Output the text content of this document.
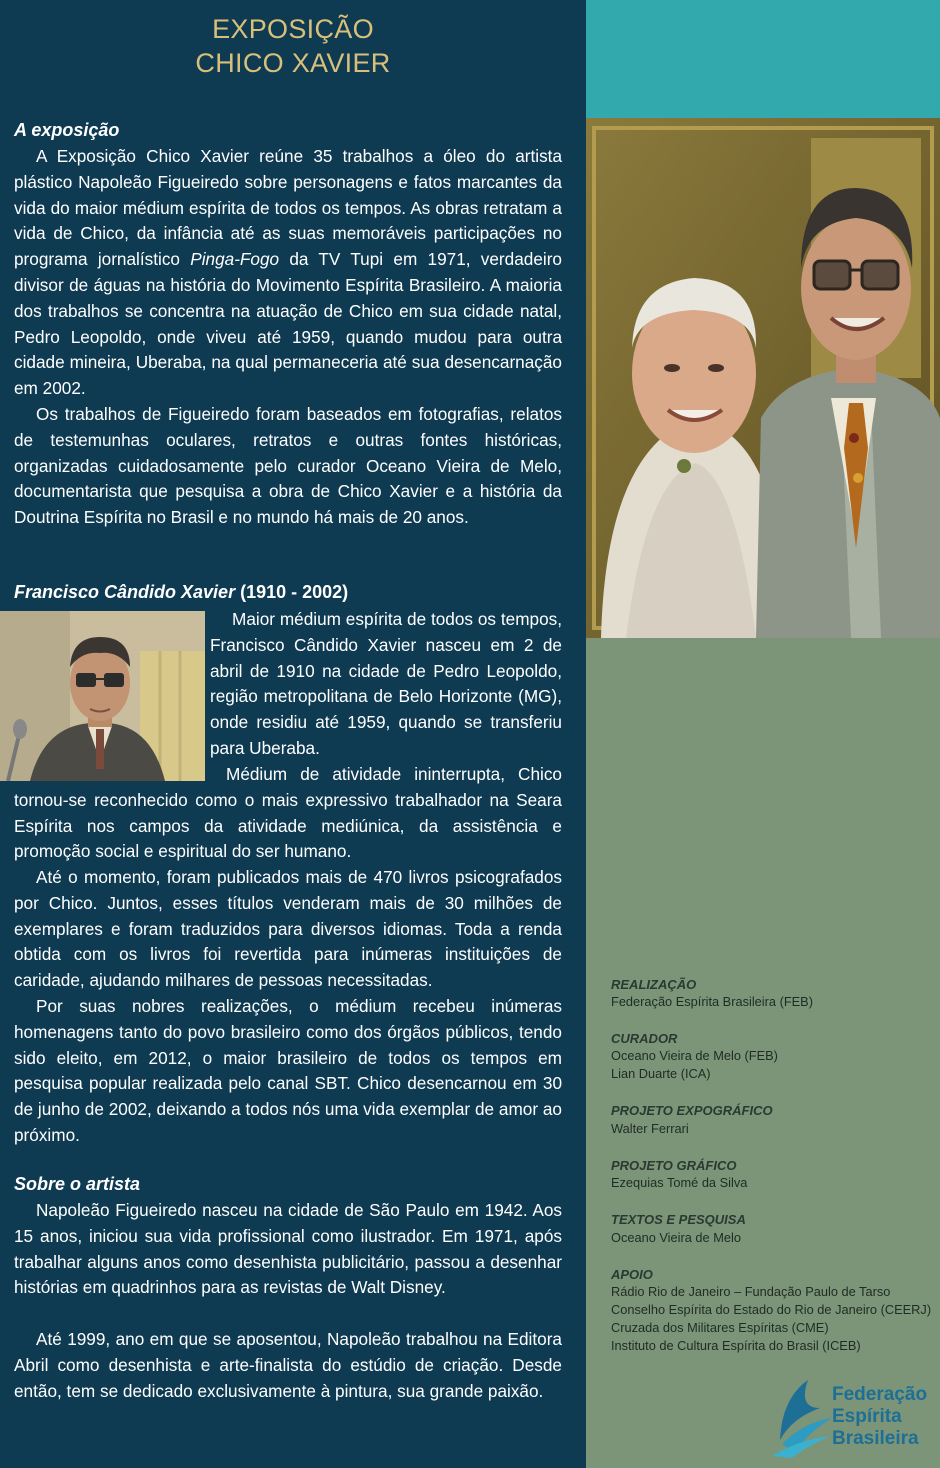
EXPOSIÇÃO
CHICO XAVIER
A exposição

A Exposição Chico Xavier reúne 35 trabalhos a óleo do artista plástico Napoleão Figueiredo sobre personagens e fatos marcantes da vida do maior médium espírita de todos os tempos. As obras retratam a vida de Chico, da infância até as suas memoráveis participações no programa jornalístico Pinga-Fogo da TV Tupi em 1971, verdadeiro divisor de águas na história do Movimento Espírita Brasileiro. A maioria dos trabalhos se concentra na atuação de Chico em sua cidade natal, Pedro Leopoldo, onde viveu até 1959, quando mudou para outra cidade mineira, Uberaba, na qual permaneceria até sua desencarnação em 2002.

Os trabalhos de Figueiredo foram baseados em fotografias, relatos de testemunhas oculares, retratos e outras fontes históricas, organizadas cuidadosamente pelo curador Oceano Vieira de Melo, documentarista que pesquisa a obra de Chico Xavier e a história da Doutrina Espírita no Brasil e no mundo há mais de 20 anos.

Francisco Cândido Xavier (1910 - 2002)

Maior médium espírita de todos os tempos, Francisco Cândido Xavier nasceu em 2 de abril de 1910 na cidade de Pedro Leopoldo, região metropolitana de Belo Horizonte (MG), onde residiu até 1959, quando se transferiu para Uberaba.

Médium de atividade ininterrupta, Chico tornou-se reconhecido como o mais expressivo trabalhador na Seara Espírita nos campos da atividade mediúnica, da assistência e promoção social e espiritual do ser humano.

Até o momento, foram publicados mais de 470 livros psicografados por Chico. Juntos, esses títulos venderam mais de 30 milhões de exemplares e foram traduzidos para diversos idiomas. Toda a renda obtida com os livros foi revertida para inúmeras instituições de caridade, ajudando milhares de pessoas necessitadas.

Por suas nobres realizações, o médium recebeu inúmeras homenagens tanto do povo brasileiro como dos órgãos públicos, tendo sido eleito, em 2012, o maior brasileiro de todos os tempos em pesquisa popular realizada pelo canal SBT. Chico desencarnou em 30 de junho de 2002, deixando a todos nós uma vida exemplar de amor ao próximo.

Sobre o artista

Napoleão Figueiredo nasceu na cidade de São Paulo em 1942. Aos 15 anos, iniciou sua vida profissional como ilustrador. Em 1971, após trabalhar alguns anos como desenhista publicitário, passou a desenhar histórias em quadrinhos para as revistas de Walt Disney.

Até 1999, ano em que se aposentou, Napoleão trabalhou na Editora Abril como desenhista e arte-finalista do estúdio de criação. Desde então, tem se dedicado exclusivamente à pintura, sua grande paixão.

REALIZAÇÃO
Federação Espírita Brasileira (FEB)
CURADOR
Oceano Vieira de Melo (FEB)
Lian Duarte (ICA)
PROJETO EXPOGRÁFICO
Walter Ferrari
PROJETO GRÁFICO
Ezequias Tomé da Silva
TEXTOS E PESQUISA
Oceano Vieira de Melo
APOIO
Rádio Rio de Janeiro – Fundação Paulo de Tarso
Conselho Espírita do Estado do Rio de Janeiro (CEERJ)
Cruzada dos Militares Espíritas (CME)
Instituto de Cultura Espírita do Brasil (ICEB)
Federação
Espírita
Brasileira
